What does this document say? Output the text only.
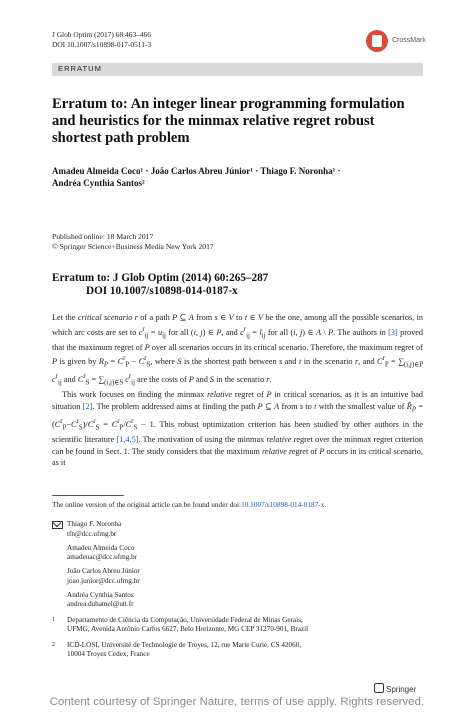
J Glob Optim (2017) 68:463–466
DOI 10.1007/s10898-017-0511-3	CrossMark
ERRATUM
Erratum to: An integer linear programming formulation and heuristics for the minmax relative regret robust shortest path problem
Amadeu Almeida Coco¹ · João Carlos Abreu Júnior¹ · Thiago F. Noronha¹ ·
Andréa Cynthia Santos²
Published online: 18 March 2017
© Springer Science+Business Media New York 2017
Erratum to: J Glob Optim (2014) 60:265–287
DOI 10.1007/s10898-014-0187-x

Let the critical scenario r of a path P ⊆ A from s ∈ V to t ∈ V be the one, among all the possible scenarios, in which arc costs are set to $c^r_{ij} = u_{ij}$ for all (i, j) ∈ P, and $c^r_{ij} = l_{ij}$ for all (i, j) ∈ A \ P. The authors in [3] proved that the maximum regret of P over all scenarios occurs in its critical scenario. Therefore, the maximum regret of P is given by $R_P = C^r_P - C^r_S$, where S is the shortest path between s and t in the scenario r, and $C^r_P = \sum_{(i,j)\in P}$ $c^r_{ij}$ and $C^r_S = \sum_{(i,j)\in S}$ $c^r_{ij}$ are the costs of P and S in the scenario r.

This work focuses on finding the minmax relative regret of P in critical scenarios, as it is an intuitive bad situation [2]. The problem addressed aims at finding the path P ⊆ A from s to t with the smallest value of $R̂_P = (C^r_P-C^r_S)/C^r_S = C^r_P/C^r_S - 1$. This robust optimization criterion has been studied by other authors in the scientific literature [1,4,5]. The motivation of using the minmax relative regret over the minmax regret criterion can be found in Sect. 1. The study considers that the maximum relative regret of P occurs in its critical scenario, as it

The online version of the original article can be found under doi:10.1007/s10898-014-0187-x.
Thiago F. Noronha
tfn@dcc.ufmg.br
Amadeu Almeida Coco
amadeuac@dcc.ufmg.br
João Carlos Abreu Júnior
joao.junior@dcc.ufmg.br
Andréa Cynthia Santos
andrea.duhamel@utt.fr
1 Departamento de Ciência da Computação, Universidade Federal de Minas Gerais,
UFMG, Avenida Antônio Carlos 6627, Belo Horizonte, MG CEP 31270-901, Brazil
2 ICD-LOSI, Université de Technologie de Troyes, 12, rue Marie Curie, CS 42060,
10004 Troyes Cedex, France
Springer
Content courtesy of Springer Nature, terms of use apply. Rights reserved.
